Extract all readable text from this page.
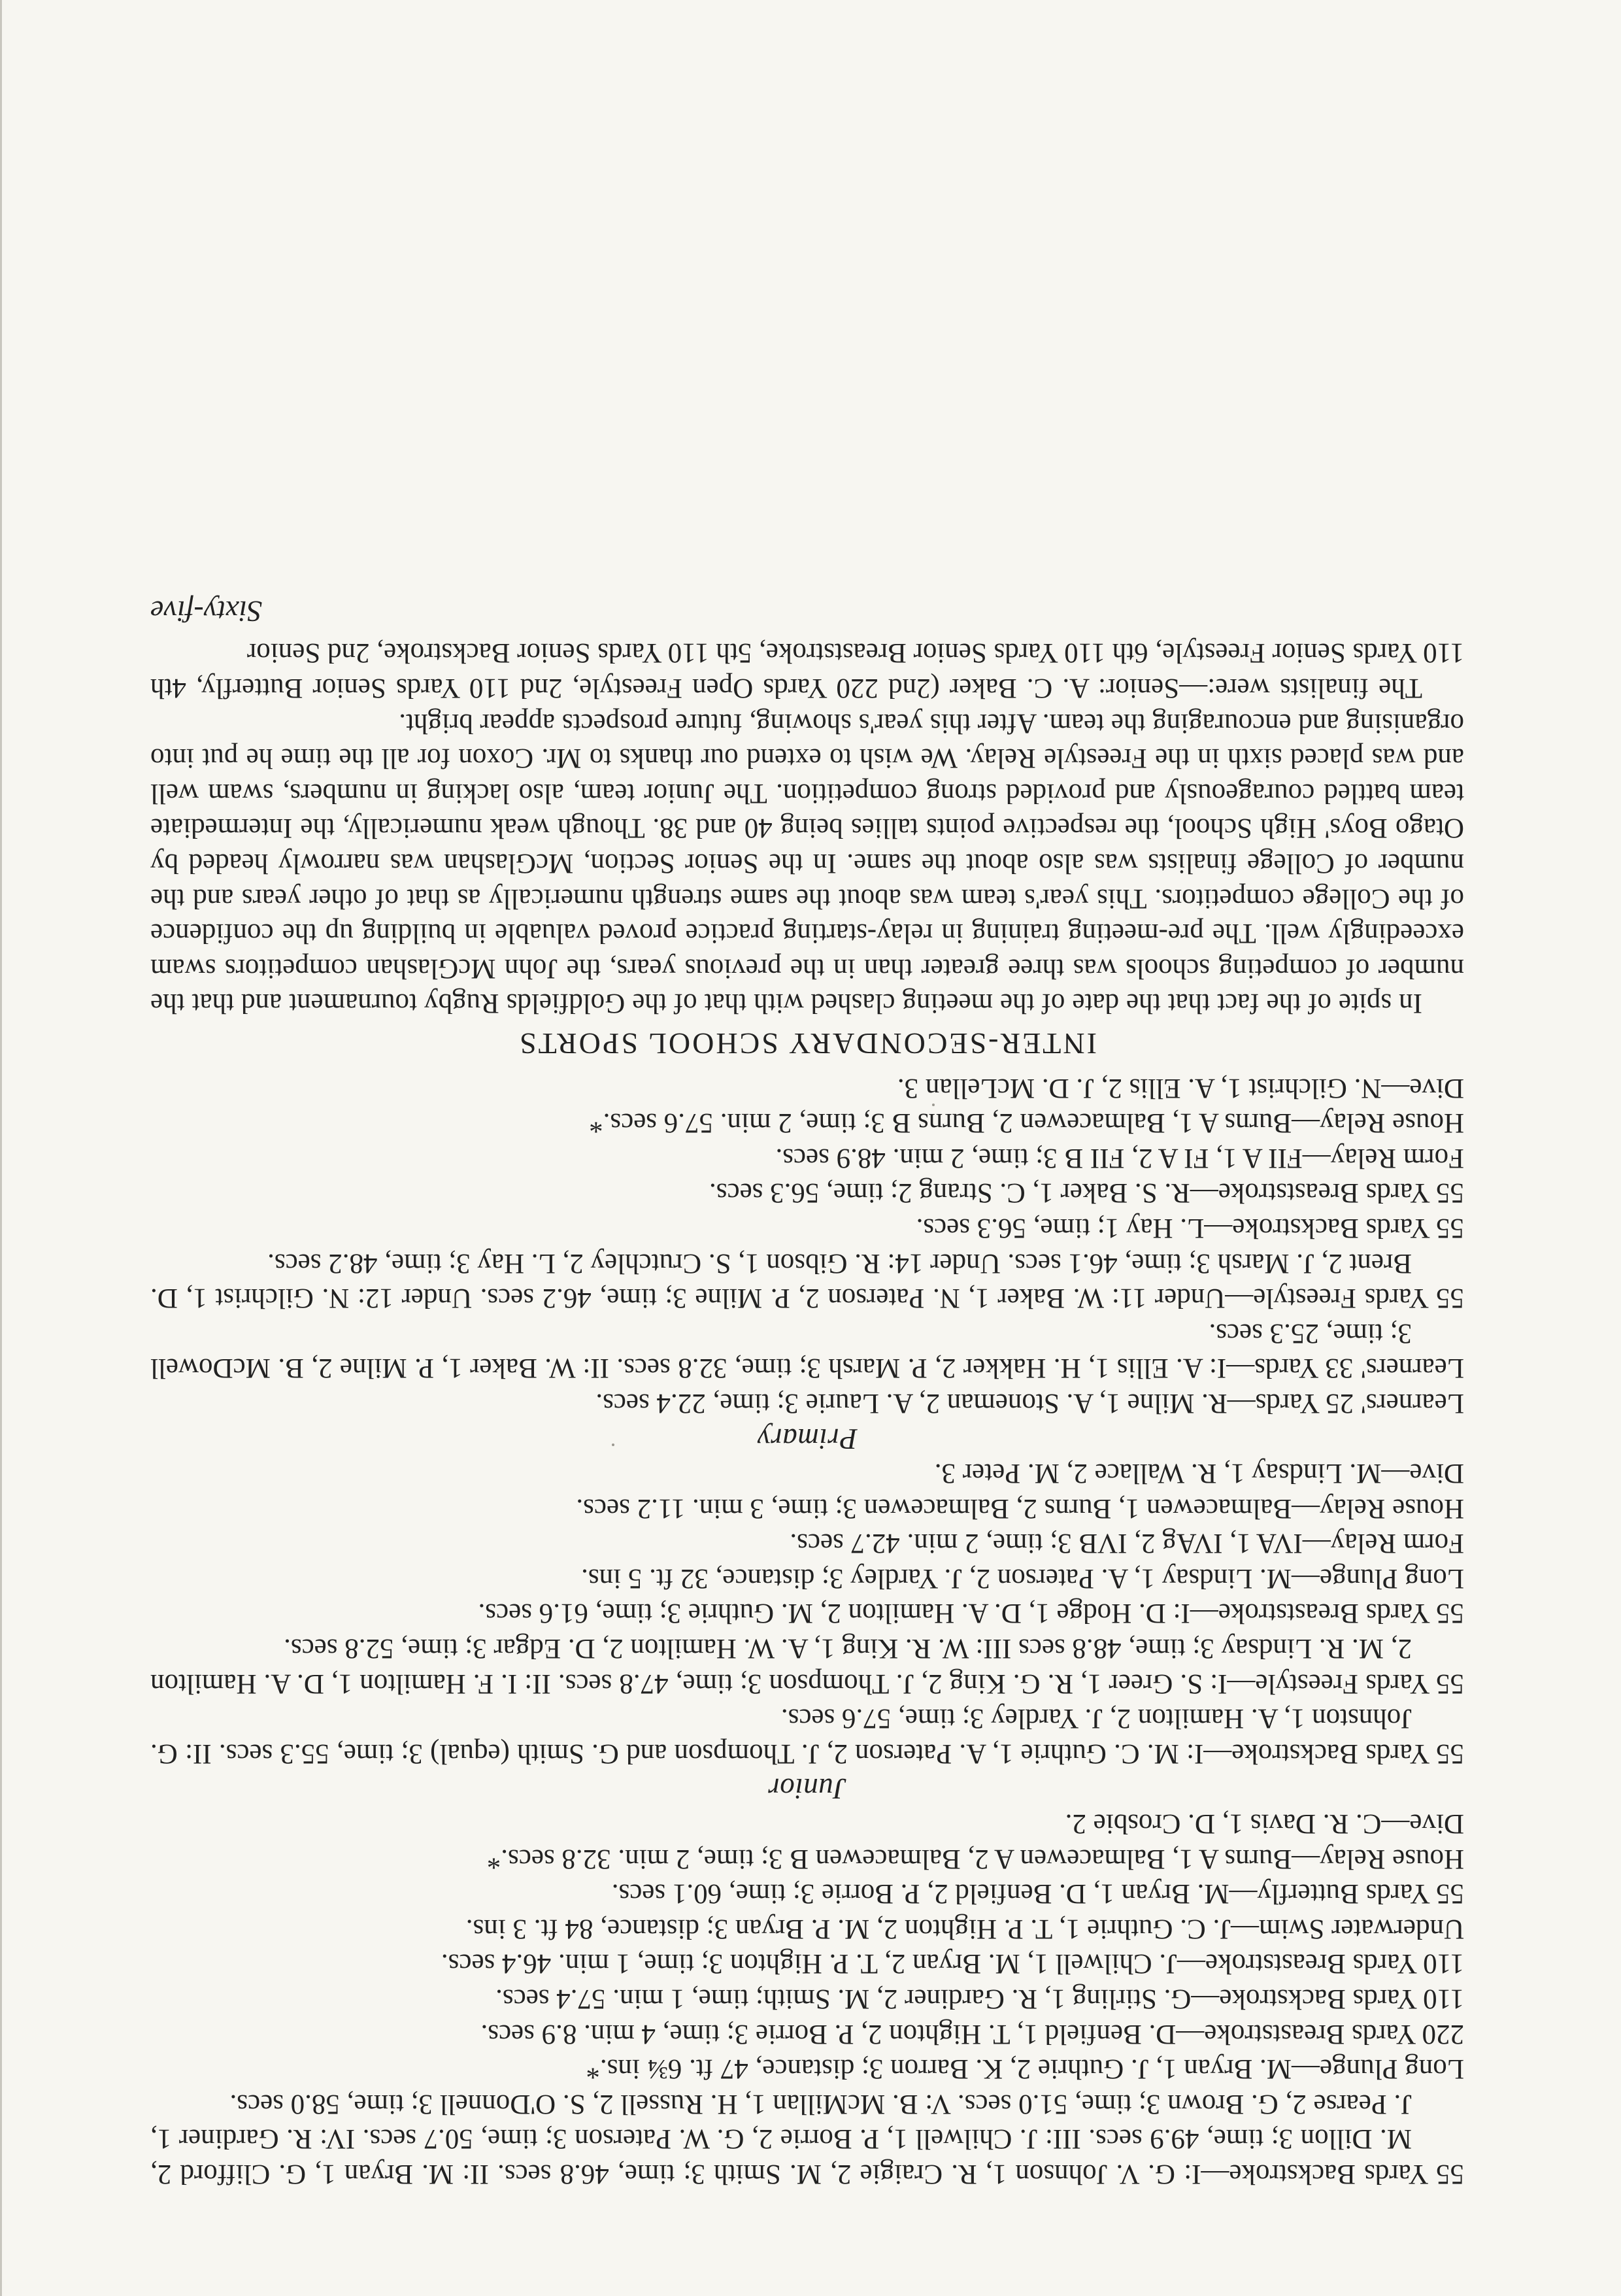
55 Yards Backstroke—I: G. V. Johnson 1, R. Craigie 2, M. Smith 3; time, 46.8 secs. II: M. Bryan 1, G. Clifford 2, M. Dillon 3; time, 49.9 secs. III: J. Chilwell 1, P. Borrie 2, G. W. Paterson 3; time, 50.7 secs. IV: R. Gardiner 1, J. Pearse 2, G. Brown 3; time, 51.0 secs. V: B. McMillan 1, H. Russell 2, S. O'Donnell 3; time, 58.0 secs.

Long Plunge—M. Bryan 1, J. Guthrie 2, K. Barron 3; distance, 47 ft. 6¾ ins.*

220 Yards Breaststroke—D. Benfield 1, T. Highton 2, P. Borrie 3; time, 4 min. 8.9 secs.

110 Yards Backstroke—G. Stirling 1, R. Gardiner 2, M. Smith; time, 1 min. 57.4 secs.

110 Yards Breaststroke—J. Chilwell 1, M. Bryan 2, T. P. Highton 3; time, 1 min. 46.4 secs.

Underwater Swim—J. C. Guthrie 1, T. P. Highton 2, M. P. Bryan 3; distance, 84 ft. 3 ins.

55 Yards Butterfly—M. Bryan 1, D. Benfield 2, P. Borrie 3; time, 60.1 secs.

House Relay—Burns A 1, Balmacewen A 2, Balmacewen B 3; time, 2 min. 32.8 secs.*

Dive—C. R. Davis 1, D. Crosbie 2.

Junior

55 Yards Backstroke—I: M. C. Guthrie 1, A. Paterson 2, J. Thompson and G. Smith (equal) 3; time, 55.3 secs. II: G. Johnston 1, A. Hamilton 2, J. Yardley 3; time, 57.6 secs.

55 Yards Freestyle—I: S. Greer 1, R. G. King 2, J. Thompson 3; time, 47.8 secs. II: I. F. Hamilton 1, D. A. Hamilton 2, M. R. Lindsay 3; time, 48.8 secs III: W. R. King 1, A. W. Hamilton 2, D. Edgar 3; time, 52.8 secs.

55 Yards Breaststroke—I: D. Hodge 1, D. A. Hamilton 2, M. Guthrie 3; time, 61.6 secs.

Long Plunge—M. Lindsay 1, A. Paterson 2, J. Yardley 3; distance, 32 ft. 5 ins.

Form Relay—IVA 1, IVAg 2, IVB 3; time, 2 min. 42.7 secs.

House Relay—Balmacewen 1, Burns 2, Balmacewen 3; time, 3 min. 11.2 secs.

Dive—M. Lindsay 1, R. Wallace 2, M. Peter 3.

Primary

Learners' 25 Yards—R. Milne 1, A. Stoneman 2, A. Laurie 3; time, 22.4 secs.

Learners' 33 Yards—I: A. Ellis 1, H. Hakker 2, P. Marsh 3; time, 32.8 secs. II: W. Baker 1, P. Milne 2, B. McDowell 3; time, 25.3 secs.

55 Yards Freestyle—Under 11: W. Baker 1, N. Paterson 2, P. Milne 3; time, 46.2 secs. Under 12: N. Gilchrist 1, D. Brent 2, J. Marsh 3; time, 46.1 secs. Under 14: R. Gibson 1, S. Crutchley 2, L. Hay 3; time, 48.2 secs.

55 Yards Backstroke—L. Hay 1; time, 56.3 secs.

55 Yards Breaststroke—R. S. Baker 1, C. Strang 2; time, 56.3 secs.

Form Relay—FII A 1, FI A 2, FII B 3; time, 2 min. 48.9 secs.

House Relay—Burns A 1, Balmacewen 2, Burns B 3; time, 2 min. 57.6 secs.*

Dive—N. Gilchrist 1, A. Ellis 2, J. D. McLellan 3.

INTER-SECONDARY SCHOOL SPORTS

In spite of the fact that the date of the meeting clashed with that of the Goldfields Rugby tournament and that the number of competing schools was three greater than in the previous years, the John McGlashan competitors swam exceedingly well. The pre-meeting training in relay-starting practice proved valuable in building up the confidence of the College competitors. This year's team was about the same strength numerically as that of other years and the number of College finalists was also about the same. In the Senior Section, McGlashan was narrowly headed by Otago Boys' High School, the respective points tallies being 40 and 38. Though weak numerically, the Intermediate team battled courageously and provided strong competition. The Junior team, also lacking in numbers, swam well and was placed sixth in the Freestyle Relay. We wish to extend our thanks to Mr. Coxon for all the time he put into organising and encouraging the team. After this year's showing, future prospects appear bright.

The finalists were:—Senior: A. C. Baker (2nd 220 Yards Open Freestyle, 2nd 110 Yards Senior Butterfly, 4th 110 Yards Senior Freestyle, 6th 110 Yards Senior Breaststroke, 5th 110 Yards Senior Backstroke, 2nd Senior

Sixty-five
